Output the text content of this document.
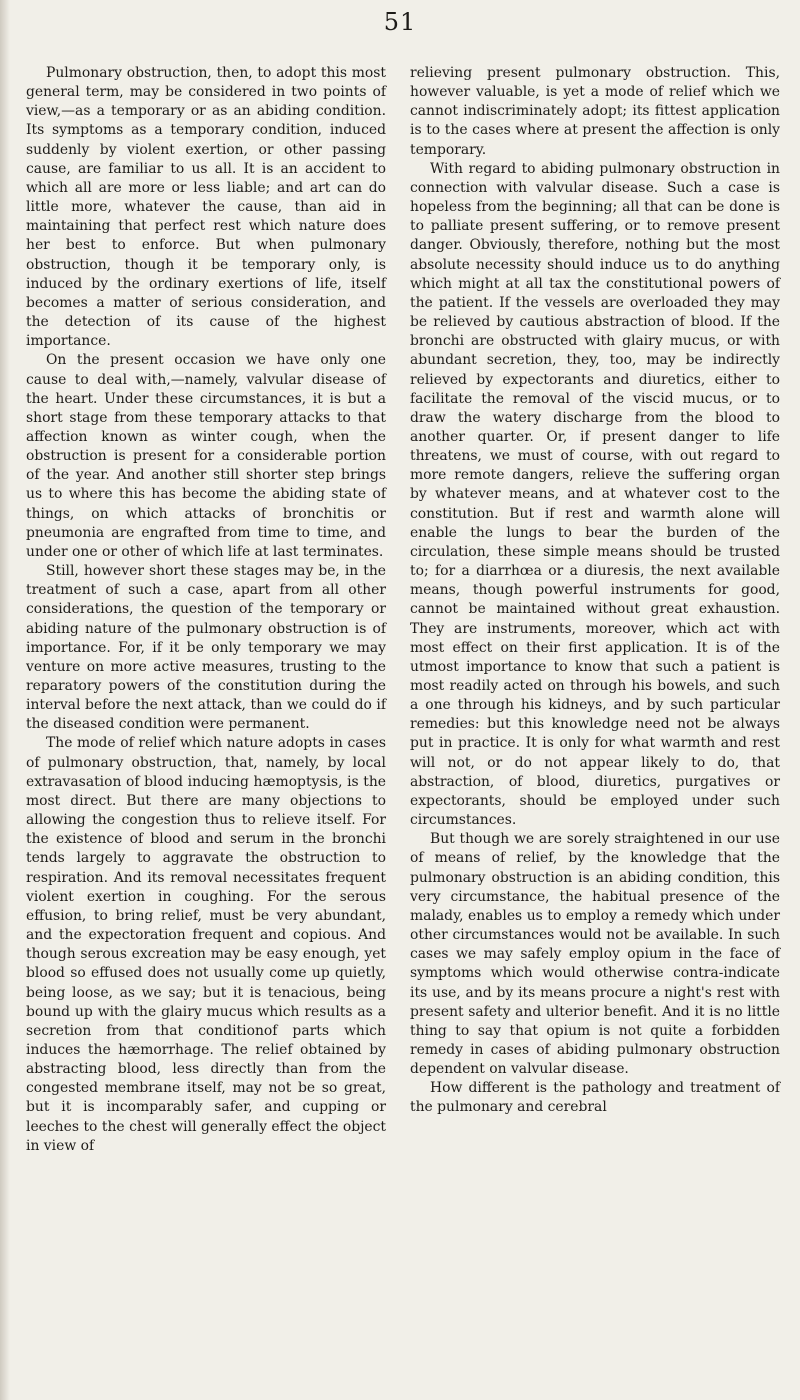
51

Pulmonary obstruction, then, to adopt this most general term, may be considered in two points of view,—as a temporary or as an abiding condition. Its symptoms as a temporary condition, induced suddenly by violent exertion, or other passing cause, are familiar to us all. It is an accident to which all are more or less liable; and art can do little more, whatever the cause, than aid in maintaining that perfect rest which nature does her best to enforce. But when pulmonary obstruction, though it be temporary only, is induced by the ordinary exertions of life, itself becomes a matter of serious consideration, and the detection of its cause of the highest importance.

On the present occasion we have only one cause to deal with,—namely, valvular disease of the heart. Under these circumstances, it is but a short stage from these temporary attacks to that affection known as winter cough, when the obstruction is present for a considerable portion of the year. And another still shorter step brings us to where this has become the abiding state of things, on which attacks of bronchitis or pneumonia are engrafted from time to time, and under one or other of which life at last terminates.

Still, however short these stages may be, in the treatment of such a case, apart from all other considerations, the question of the temporary or abiding nature of the pulmonary obstruction is of importance. For, if it be only temporary we may venture on more active measures, trusting to the reparatory powers of the constitution during the interval before the next attack, than we could do if the diseased condition were permanent.

The mode of relief which nature adopts in cases of pulmonary obstruction, that, namely, by local extravasation of blood inducing hæmoptysis, is the most direct. But there are many objections to allowing the congestion thus to relieve itself. For the existence of blood and serum in the bronchi tends largely to aggravate the obstruction to respiration. And its removal necessitates frequent violent exertion in coughing. For the serous effusion, to bring relief, must be very abundant, and the expectoration frequent and copious. And though serous excreation may be easy enough, yet blood so effused does not usually come up quietly, being loose, as we say; but it is tenacious, being bound up with the glairy mucus which results as a secretion from that conditionof parts which induces the hæmorrhage. The relief obtained by abstracting blood, less directly than from the congested membrane itself, may not be so great, but it is incomparably safer, and cupping or leeches to the chest will generally effect the object in view of

relieving present pulmonary obstruction. This, however valuable, is yet a mode of relief which we cannot indiscriminately adopt; its fittest application is to the cases where at present the affection is only temporary.

With regard to abiding pulmonary obstruction in connection with valvular disease. Such a case is hopeless from the beginning; all that can be done is to palliate present suffering, or to remove present danger. Obviously, therefore, nothing but the most absolute necessity should induce us to do anything which might at all tax the constitutional powers of the patient. If the vessels are overloaded they may be relieved by cautious abstraction of blood. If the bronchi are obstructed with glairy mucus, or with abundant secretion, they, too, may be indirectly relieved by expectorants and diuretics, either to facilitate the removal of the viscid mucus, or to draw the watery discharge from the blood to another quarter. Or, if present danger to life threatens, we must of course, with out regard to more remote dangers, relieve the suffering organ by whatever means, and at whatever cost to the constitution. But if rest and warmth alone will enable the lungs to bear the burden of the circulation, these simple means should be trusted to; for a diarrhœa or a diuresis, the next available means, though powerful instruments for good, cannot be maintained without great exhaustion. They are instruments, moreover, which act with most effect on their first application. It is of the utmost importance to know that such a patient is most readily acted on through his bowels, and such a one through his kidneys, and by such particular remedies: but this knowledge need not be always put in practice. It is only for what warmth and rest will not, or do not appear likely to do, that abstraction, of blood, diuretics, purgatives or expectorants, should be employed under such circumstances.

But though we are sorely straightened in our use of means of relief, by the knowledge that the pulmonary obstruction is an abiding condition, this very circumstance, the habitual presence of the malady, enables us to employ a remedy which under other circumstances would not be available. In such cases we may safely employ opium in the face of symptoms which would otherwise contra-indicate its use, and by its means procure a night's rest with present safety and ulterior benefit. And it is no little thing to say that opium is not quite a forbidden remedy in cases of abiding pulmonary obstruction dependent on valvular disease.

How different is the pathology and treatment of the pulmonary and cerebral
